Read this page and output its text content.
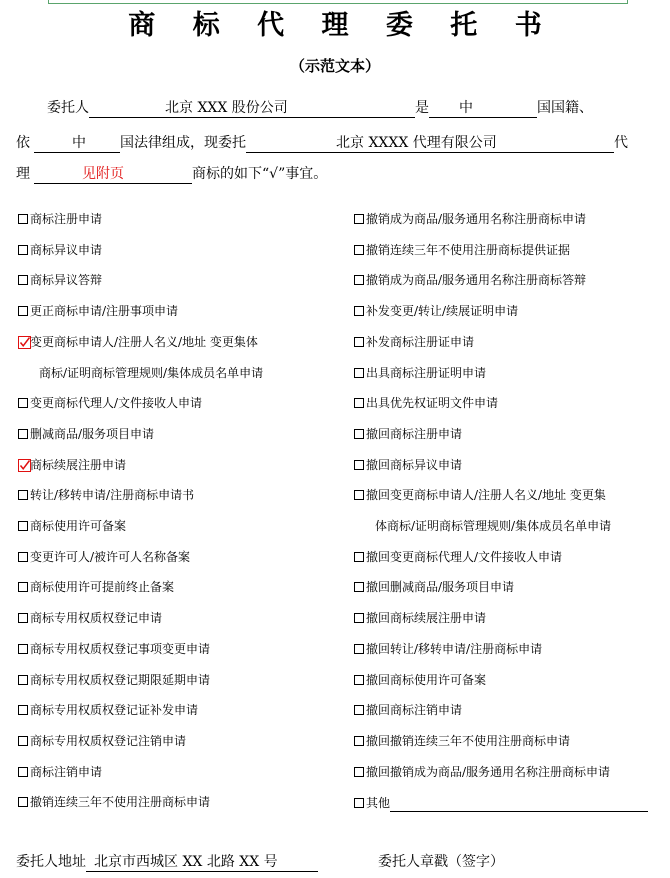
商 标 代 理 委 托 书
（示范文本）
委托人	北京 XXX 股份公司	是 中	国国籍、
依	中 国法律组成，现委托	北京 XXXX 代理有限公司	代
理	见附页	商标的如下“√”事宜。
商标注册申请
商标异议申请
商标异议答辩
更正商标申请/注册事项申请
变更商标申请人/注册人名义/地址 变更集体
商标/证明商标管理规则/集体成员名单申请
变更商标代理人/文件接收人申请
删减商品/服务项目申请
商标续展注册申请
转让/移转申请/注册商标申请书
商标使用许可备案
变更许可人/被许可人名称备案
商标使用许可提前终止备案
商标专用权质权登记申请
商标专用权质权登记事项变更申请
商标专用权质权登记期限延期申请
商标专用权质权登记证补发申请
商标专用权质权登记注销申请
商标注销申请
撤销连续三年不使用注册商标申请
撤销成为商品/服务通用名称注册商标申请
撤销连续三年不使用注册商标提供证据
撤销成为商品/服务通用名称注册商标答辩
补发变更/转让/续展证明申请
补发商标注册证申请
出具商标注册证明申请
出具优先权证明文件申请
撤回商标注册申请
撤回商标异议申请
撤回变更商标申请人/注册人名义/地址 变更集
体商标/证明商标管理规则/集体成员名单申请
撤回变更商标代理人/文件接收人申请
撤回删减商品/服务项目申请
撤回商标续展注册申请
撤回转让/移转申请/注册商标申请
撤回商标使用许可备案
撤回商标注销申请
撤回撤销连续三年不使用注册商标申请
撤回撤销成为商品/服务通用名称注册商标申请
其他
委托人地址 北京市西城区 XX 北路 XX 号	委托人章戳（签字）
